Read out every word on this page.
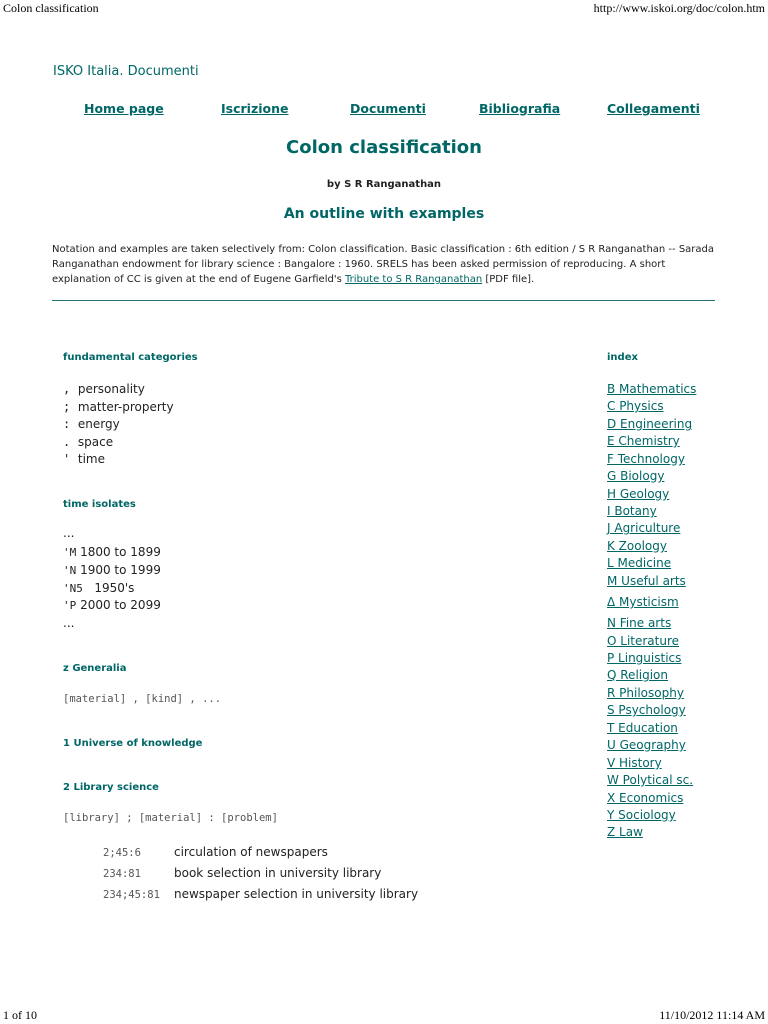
Colon classification	http://www.iskoi.org/doc/colon.htm
ISKO Italia. Documenti
Home page	Iscrizione	Documenti	Bibliografia	Collegamenti
Colon classification
by S R Ranganathan
An outline with examples
Notation and examples are taken selectively from: Colon classification. Basic classification : 6th edition / S R Ranganathan -- Sarada Ranganathan endowment for library science : Bangalore : 1960. SRELS has been asked permission of reproducing. A short explanation of CC is given at the end of Eugene Garfield's Tribute to S R Ranganathan [PDF file].
fundamental categories
, personality
; matter-property
: energy
. space
' time
time isolates
...
'M 1800 to 1899
'N 1900 to 1999
'N5 1950's
'P 2000 to 2099
...
z Generalia
[material] , [kind] , ...
1 Universe of knowledge
2 Library science
[library] ; [material] : [problem]
2;45:6	circulation of newspapers
234:81	book selection in university library
234;45:81 newspaper selection in university library
index
B Mathematics
C Physics
D Engineering
E Chemistry
F Technology
G Biology
H Geology
I Botany
J Agriculture
K Zoology
L Medicine
M Useful arts
Δ Mysticism
N Fine arts
O Literature
P Linguistics
Q Religion
R Philosophy
S Psychology
T Education
U Geography
V History
W Polytical sc.
X Economics
Y Sociology
Z Law
1 of 10	11/10/2012 11:14 AM
